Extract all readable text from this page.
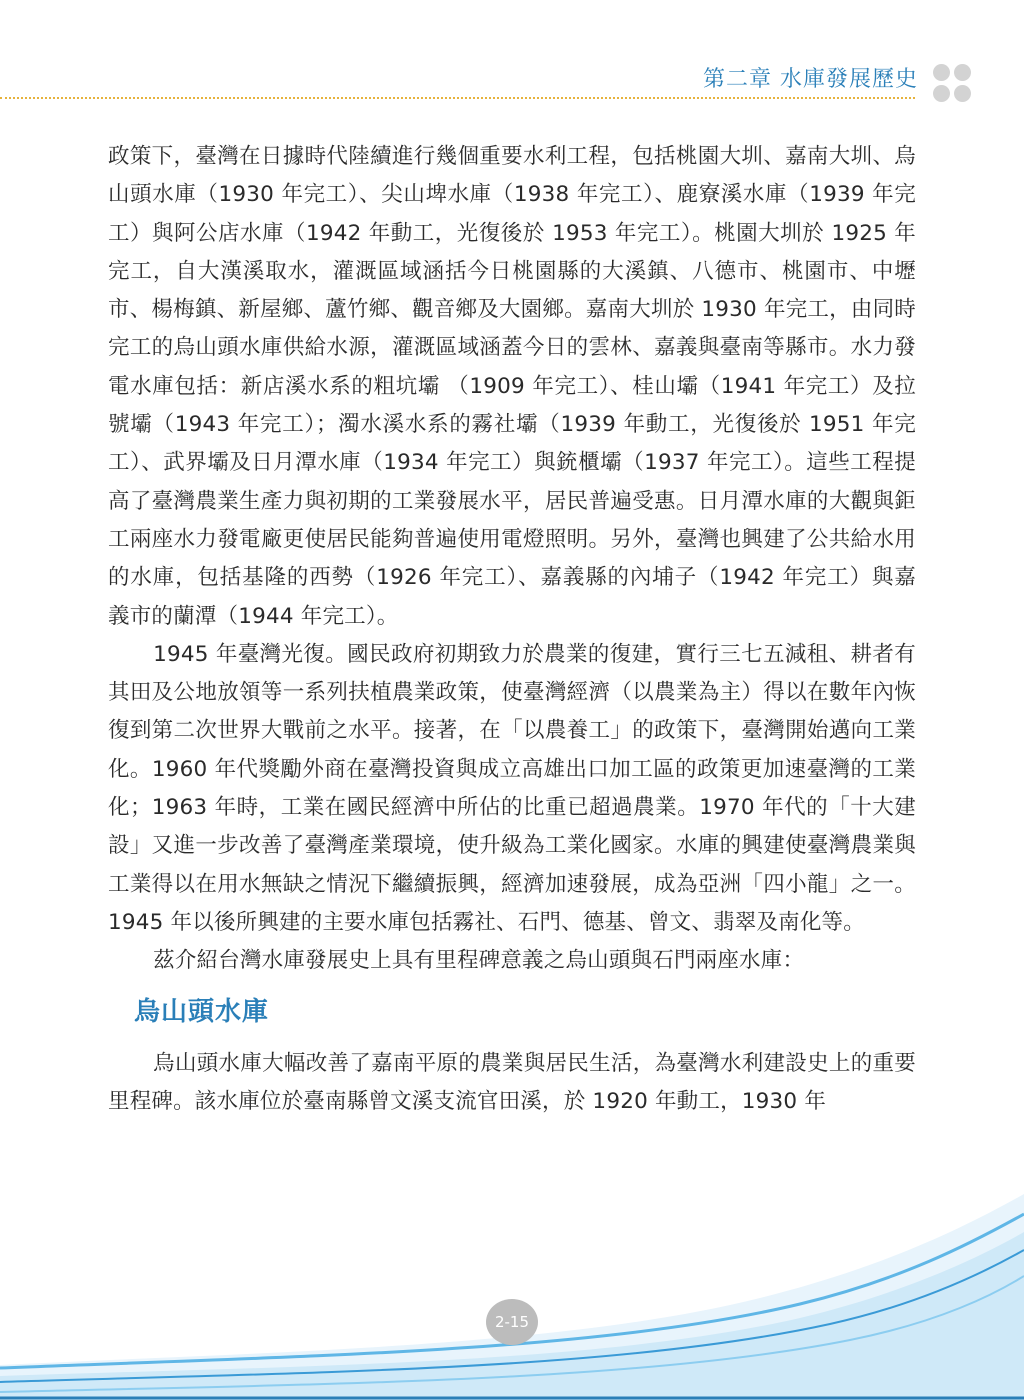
第二章 水庫發展歷史

政策下，臺灣在日據時代陸續進行幾個重要水利工程，包括桃園大圳、嘉南大圳、烏山頭水庫（1930 年完工）、尖山埤水庫（1938 年完工）、鹿寮溪水庫（1939 年完工）與阿公店水庫（1942 年動工，光復後於 1953 年完工）。桃園大圳於 1925 年完工，自大漢溪取水，灌溉區域涵括今日桃園縣的大溪鎮、八德市、桃園市、中壢市、楊梅鎮、新屋鄉、蘆竹鄉、觀音鄉及大園鄉。嘉南大圳於 1930 年完工，由同時完工的烏山頭水庫供給水源，灌溉區域涵蓋今日的雲林、嘉義與臺南等縣市。水力發電水庫包括：新店溪水系的粗坑壩 （1909 年完工）、桂山壩（1941 年完工）及拉號壩（1943 年完工）；濁水溪水系的霧社壩（1939 年動工，光復後於 1951 年完工）、武界壩及日月潭水庫（1934 年完工）與銃櫃壩（1937 年完工）。這些工程提高了臺灣農業生產力與初期的工業發展水平，居民普遍受惠。日月潭水庫的大觀與鉅工兩座水力發電廠更使居民能夠普遍使用電燈照明。另外，臺灣也興建了公共給水用的水庫，包括基隆的西勢（1926 年完工）、嘉義縣的內埔子（1942 年完工）與嘉義市的蘭潭（1944 年完工）。

1945 年臺灣光復。國民政府初期致力於農業的復建，實行三七五減租、耕者有其田及公地放領等一系列扶植農業政策，使臺灣經濟（以農業為主）得以在數年內恢復到第二次世界大戰前之水平。接著，在「以農養工」的政策下，臺灣開始邁向工業化。1960 年代獎勵外商在臺灣投資與成立高雄出口加工區的政策更加速臺灣的工業化；1963 年時，工業在國民經濟中所佔的比重已超過農業。1970 年代的「十大建設」又進一步改善了臺灣產業環境，使升級為工業化國家。水庫的興建使臺灣農業與工業得以在用水無缺之情況下繼續振興，經濟加速發展，成為亞洲「四小龍」之一。1945 年以後所興建的主要水庫包括霧社、石門、德基、曾文、翡翠及南化等。

茲介紹台灣水庫發展史上具有里程碑意義之烏山頭與石門兩座水庫：

烏山頭水庫

烏山頭水庫大幅改善了嘉南平原的農業與居民生活，為臺灣水利建設史上的重要里程碑。該水庫位於臺南縣曾文溪支流官田溪，於 1920 年動工，1930 年

2-15
